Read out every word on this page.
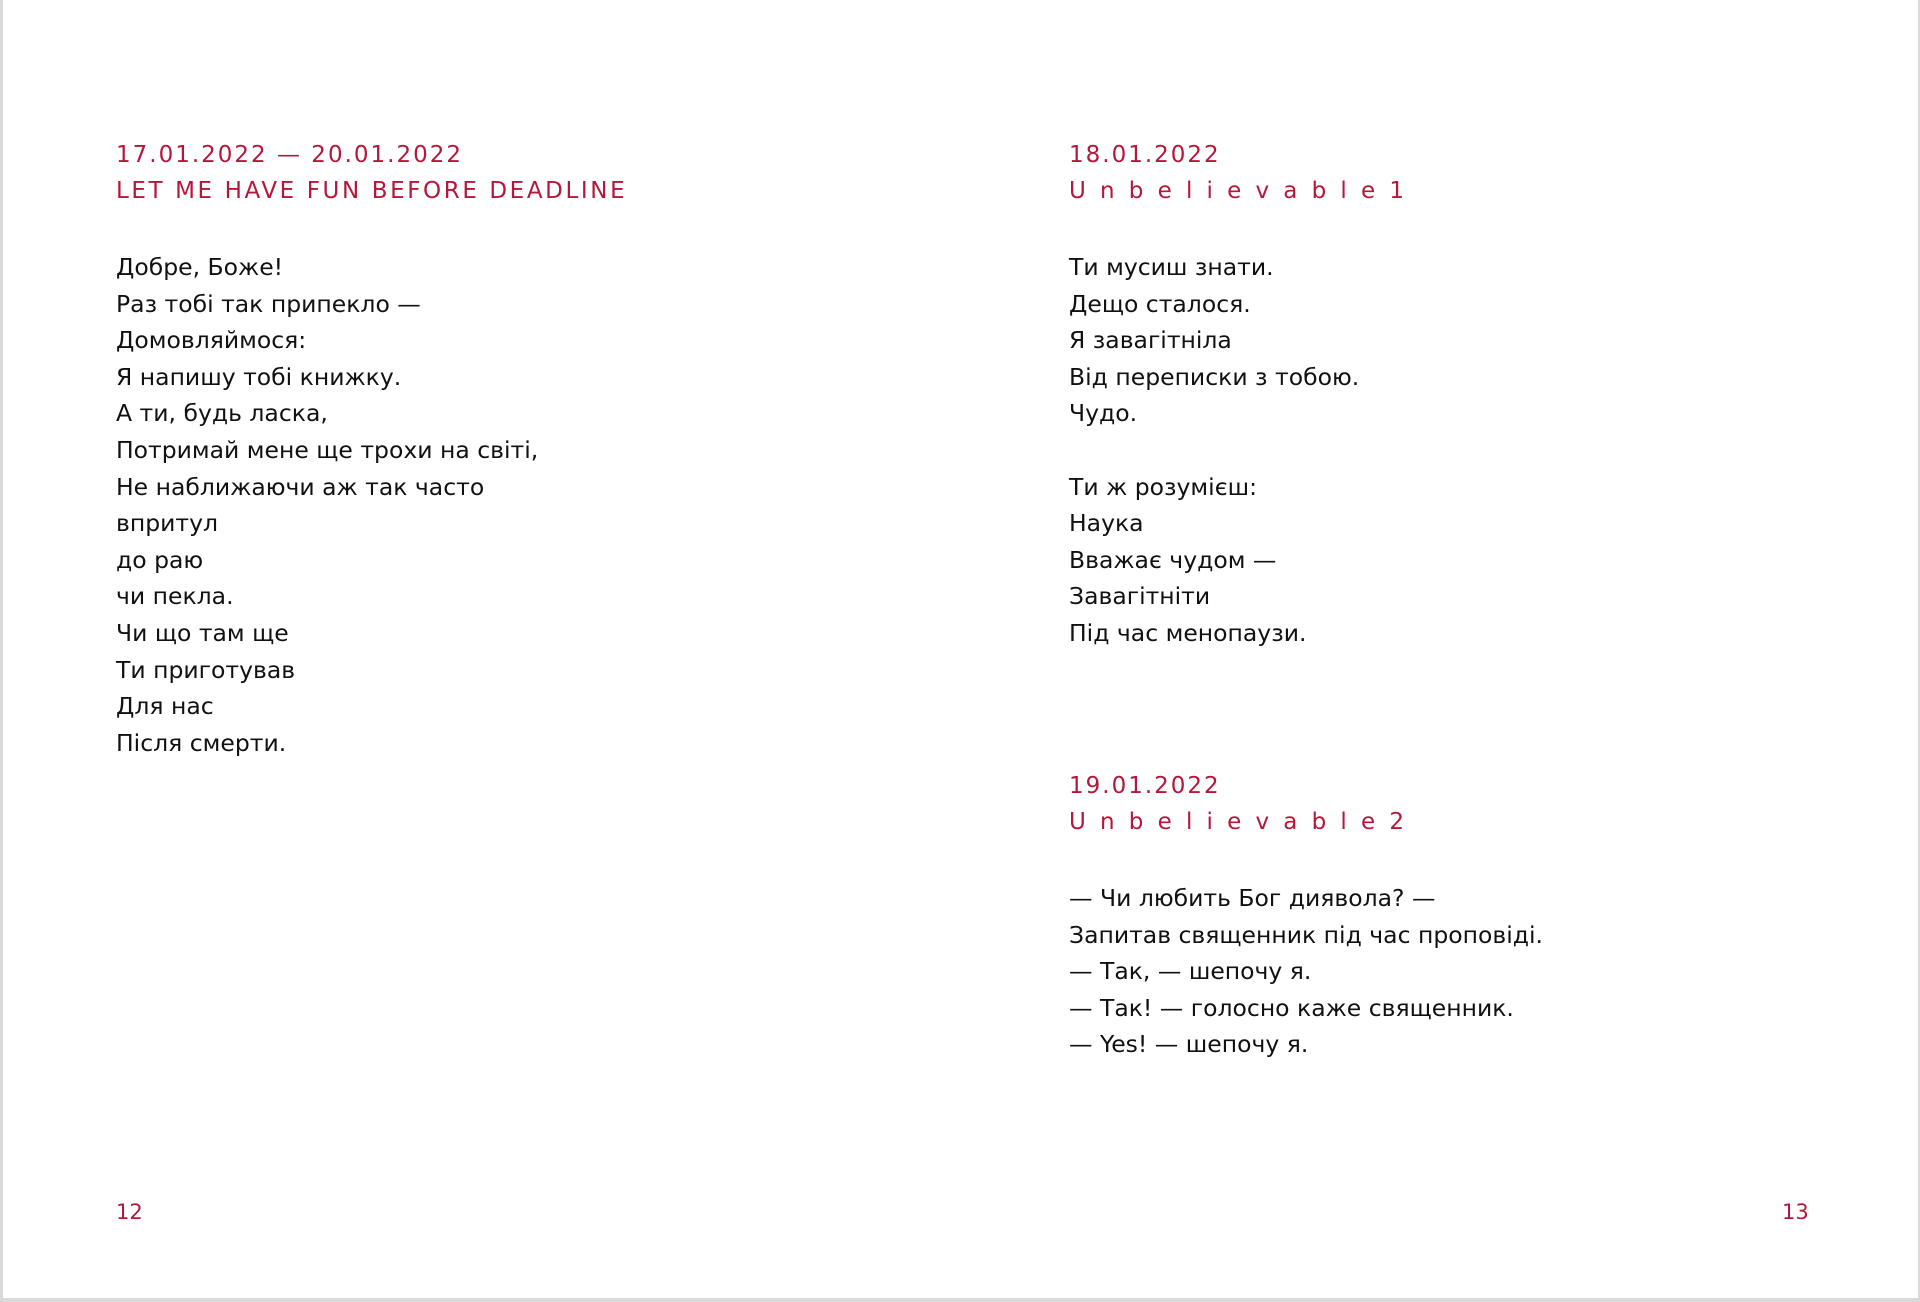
17.01.2022 — 20.01.2022
LET ME HAVE FUN BEFORE DEADLINE
Добре, Боже!
Раз тобі так припекло —
Домовляймося:
Я напишу тобі книжку.
А ти, будь ласка,
Потримай мене ще трохи на світі,
Не наближаючи аж так часто
впритул
до раю
чи пекла.
Чи що там ще
Ти приготував
Для нас
Після смерти.
12
18.01.2022
Unbelievable1
Ти мусиш знати.
Дещо сталося.
Я завагітніла
Від переписки з тобою.
Чудо.
Ти ж розумієш:
Наука
Вважає чудом —
Завагітніти
Під час менопаузи.
19.01.2022
Unbelievable2
— Чи любить Бог диявола? —
Запитав священник під час проповіді.
— Так, — шепочу я.
— Так! — голосно каже священник.
— Yes! — шепочу я.
13
